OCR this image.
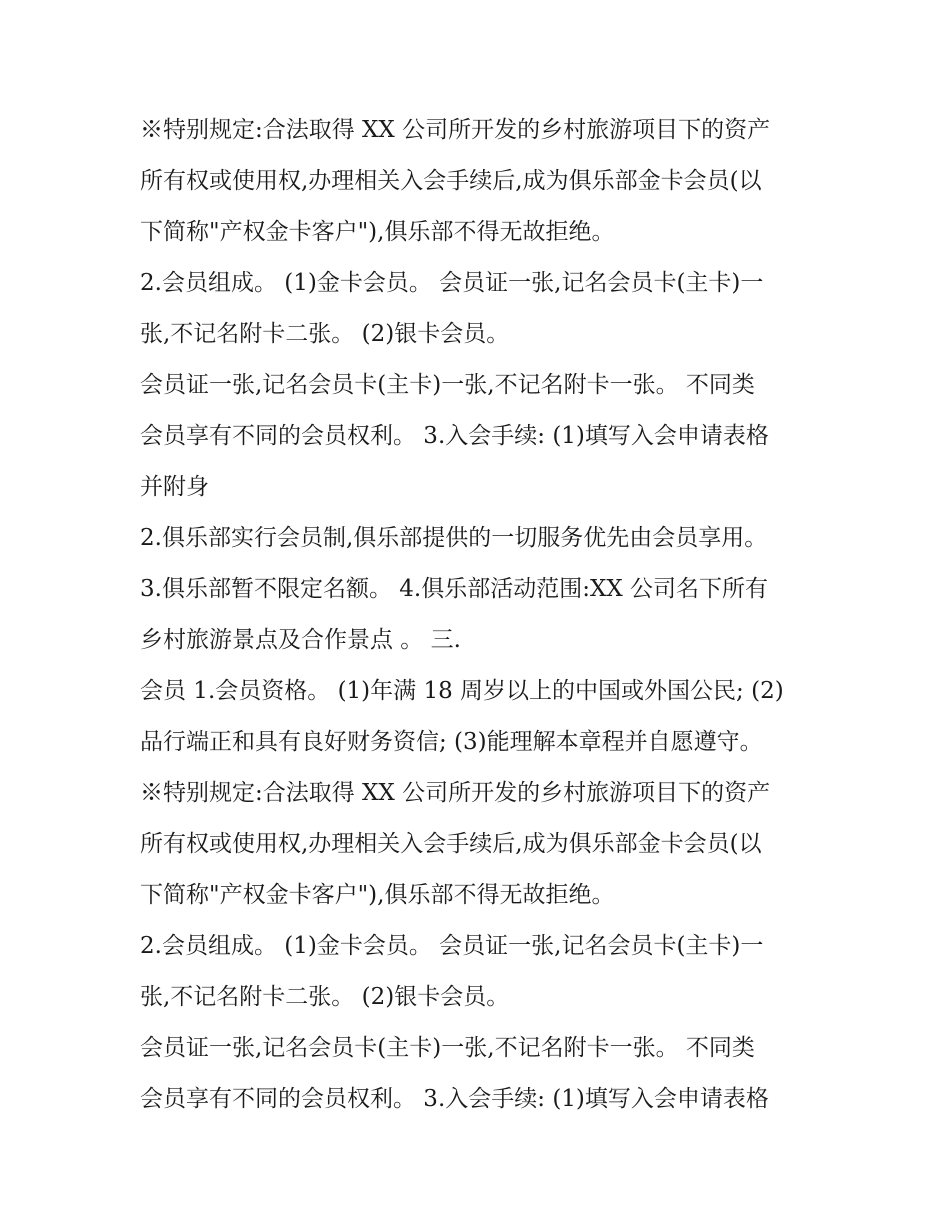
※特别规定:合法取得 XX 公司所开发的乡村旅游项目下的资产
所有权或使用权,办理相关入会手续后,成为俱乐部金卡会员(以
下简称"产权金卡客户"),俱乐部不得无故拒绝。
2.会员组成。 (1)金卡会员。 会员证一张,记名会员卡(主卡)一
张,不记名附卡二张。 (2)银卡会员。
会员证一张,记名会员卡(主卡)一张,不记名附卡一张。 不同类
会员享有不同的会员权利。 3.入会手续: (1)填写入会申请表格
并附身
2.俱乐部实行会员制,俱乐部提供的一切服务优先由会员享用。
3.俱乐部暂不限定名额。 4.俱乐部活动范围:XX 公司名下所有
乡村旅游景点及合作景点 。 三.
会员 1.会员资格。 (1)年满 18 周岁以上的中国或外国公民; (2)
品行端正和具有良好财务资信; (3)能理解本章程并自愿遵守。
※特别规定:合法取得 XX 公司所开发的乡村旅游项目下的资产
所有权或使用权,办理相关入会手续后,成为俱乐部金卡会员(以
下简称"产权金卡客户"),俱乐部不得无故拒绝。
2.会员组成。 (1)金卡会员。 会员证一张,记名会员卡(主卡)一
张,不记名附卡二张。 (2)银卡会员。
会员证一张,记名会员卡(主卡)一张,不记名附卡一张。 不同类
会员享有不同的会员权利。 3.入会手续: (1)填写入会申请表格
